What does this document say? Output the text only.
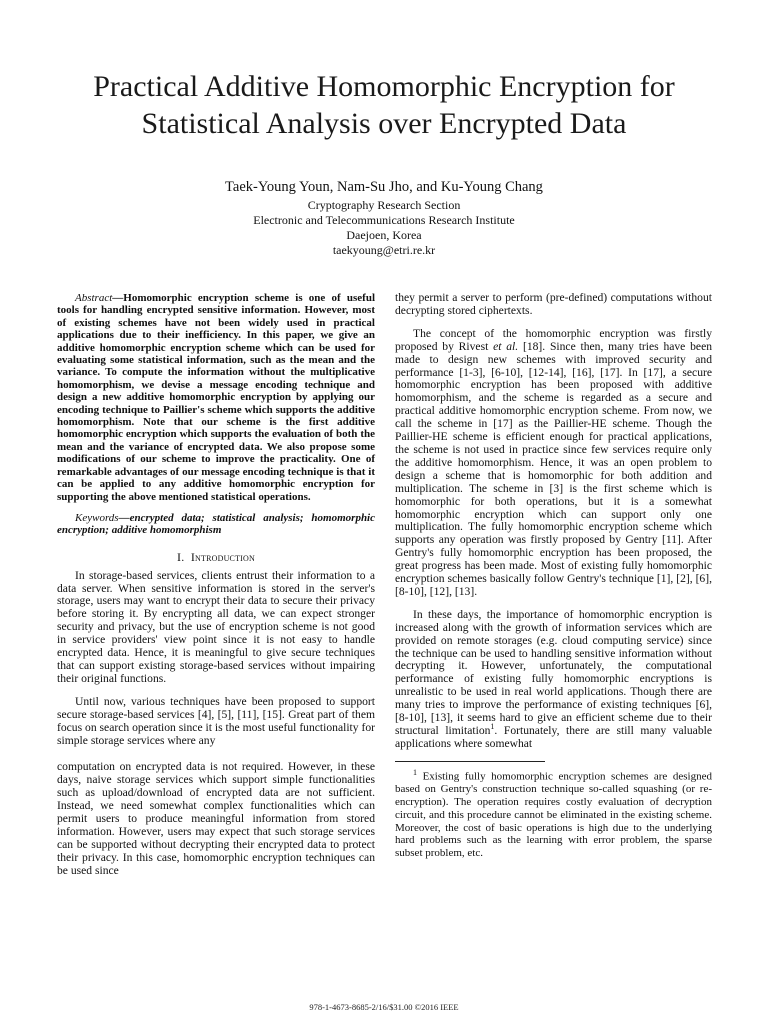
Practical Additive Homomorphic Encryption for
Statistical Analysis over Encrypted Data
Taek-Young Youn, Nam-Su Jho, and Ku-Young Chang
Cryptography Research Section
Electronic and Telecommunications Research Institute
Daejoen, Korea
taekyoung@etri.re.kr

Abstract—Homomorphic encryption scheme is one of useful tools for handling encrypted sensitive information. However, most of existing schemes have not been widely used in practical applications due to their inefficiency. In this paper, we give an additive homomorphic encryption scheme which can be used for evaluating some statistical information, such as the mean and the variance. To compute the information without the multiplicative homomorphism, we devise a message encoding technique and design a new additive homomorphic encryption by applying our encoding technique to Paillier's scheme which supports the additive homomorphism. Note that our scheme is the first additive homomorphic encryption which supports the evaluation of both the mean and the variance of encrypted data. We also propose some modifications of our scheme to improve the practicality. One of remarkable advantages of our message encoding technique is that it can be applied to any additive homomorphic encryption for supporting the above mentioned statistical operations.

Keywords—encrypted data; statistical analysis; homomorphic encryption; additive homomorphism

I. Introduction

In storage-based services, clients entrust their information to a data server. When sensitive information is stored in the server's storage, users may want to encrypt their data to secure their privacy before storing it. By encrypting all data, we can expect stronger security and privacy, but the use of encryption scheme is not good in service providers' view point since it is not easy to handle encrypted data. Hence, it is meaningful to give secure techniques that can support existing storage-based services without impairing their original functions.

Until now, various techniques have been proposed to support secure storage-based services [4], [5], [11], [15]. Great part of them focus on search operation since it is the most useful functionality for simple storage services where any

computation on encrypted data is not required. However, in these days, naive storage services which support simple functionalities such as upload/download of encrypted data are not sufficient. Instead, we need somewhat complex functionalities which can permit users to produce meaningful information from stored information. However, users may expect that such storage services can be supported without decrypting their encrypted data to protect their privacy. In this case, homomorphic encryption techniques can be used since

they permit a server to perform (pre-defined) computations without decrypting stored ciphertexts.

The concept of the homomorphic encryption was firstly proposed by Rivest et al. [18]. Since then, many tries have been made to design new schemes with improved security and performance [1-3], [6-10], [12-14], [16], [17]. In [17], a secure homomorphic encryption has been proposed with additive homomorphism, and the scheme is regarded as a secure and practical additive homomorphic encryption scheme. From now, we call the scheme in [17] as the Paillier-HE scheme. Though the Paillier-HE scheme is efficient enough for practical applications, the scheme is not used in practice since few services require only the additive homomorphism. Hence, it was an open problem to design a scheme that is homomorphic for both addition and multiplication. The scheme in [3] is the first scheme which is homomorphic for both operations, but it is a somewhat homomorphic encryption which can support only one multiplication. The fully homomorphic encryption scheme which supports any operation was firstly proposed by Gentry [11]. After Gentry's fully homomorphic encryption has been proposed, the great progress has been made. Most of existing fully homomorphic encryption schemes basically follow Gentry's technique [1], [2], [6], [8-10], [12], [13].

In these days, the importance of homomorphic encryption is increased along with the growth of information services which are provided on remote storages (e.g. cloud computing service) since the technique can be used to handling sensitive information without decrypting it. However, unfortunately, the computational performance of existing fully homomorphic encryptions is unrealistic to be used in real world applications. Though there are many tries to improve the performance of existing techniques [6], [8-10], [13], it seems hard to give an efficient scheme due to their structural limitation$^1$. Fortunately, there are still many valuable applications where somewhat

$^1$ Existing fully homomorphic encryption schemes are designed based on Gentry's construction technique so-called squashing (or re-encryption). The operation requires costly evaluation of decryption circuit, and this procedure cannot be eliminated in the existing scheme. Moreover, the cost of basic operations is high due to the underlying hard problems such as the learning with error problem, the sparse subset problem, etc.

978-1-4673-8685-2/16/$31.00 ©2016 IEEE
